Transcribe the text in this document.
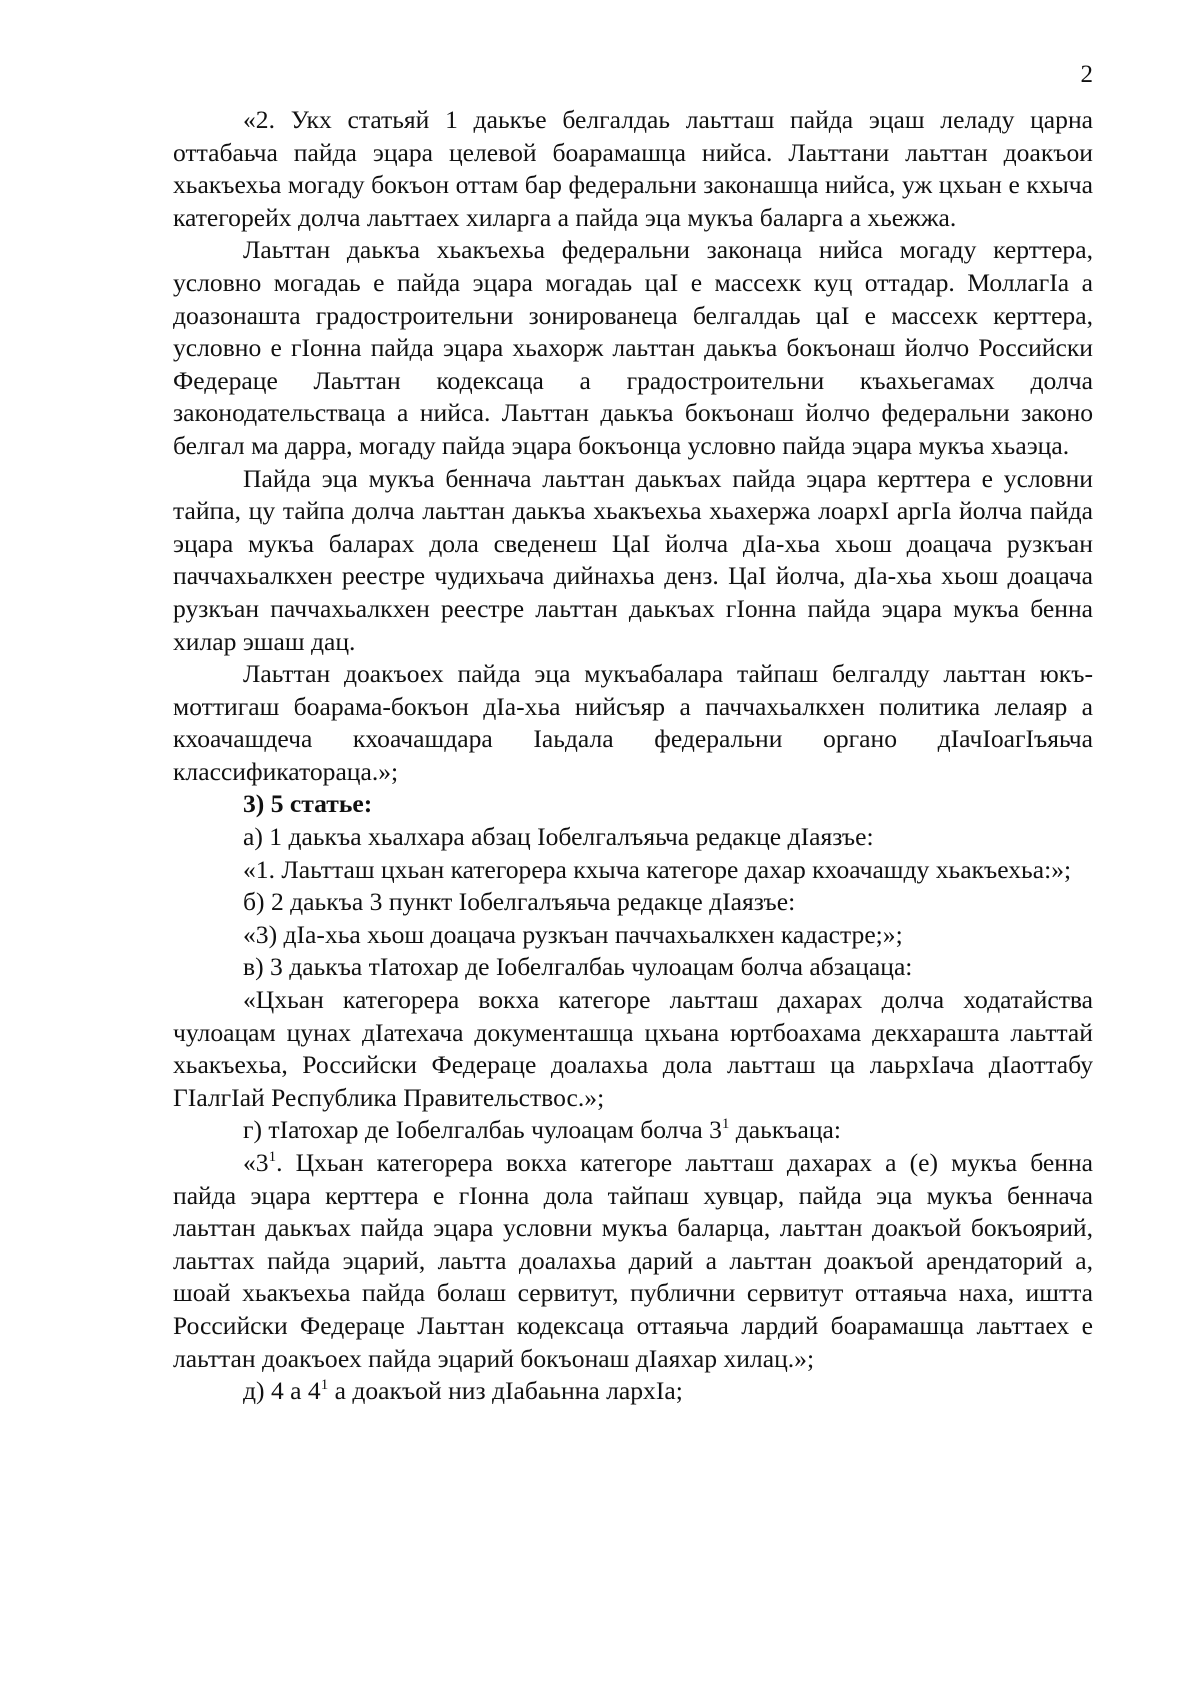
2

«2. Укх статьяй 1 даькъе белгалдаь лаьтташ пайда эцаш леладу царна оттабаьча пайда эцара целевой боарамашца нийса. Лаьттани лаьттан доакъои хьакъехьа могаду бокъон оттам бар федеральни законашца нийса, уж цхьан е кхыча категорейх долча лаьттаех хиларга а пайда эца мукъа баларга а хьежжа.

Лаьттан даькъа хьакъехьа федеральни законаца нийса могаду керттера, условно могадаь е пайда эцара могадаь цаI е массехк куц оттадар. МоллагIа а доазонашта градостроительни зонированеца белгалдаь цаI е массехк керттера, условно е гIонна пайда эцара хьахорж лаьттан даькъа бокъонаш йолчо Российски Федераце Лаьттан кодексаца а градостроительни къахьегамах долча законодательстваца а нийса. Лаьттан даькъа бокъонаш йолчо федеральни законо белгал ма дарра, могаду пайда эцара бокъонца условно пайда эцара мукъа хьаэца.

Пайда эца мукъа беннача лаьттан даькъах пайда эцара керттера е условни тайпа, цу тайпа долча лаьттан даькъа хьакъехьа хьахержа лоархI аргIа йолча пайда эцара мукъа баларах дола сведенеш ЦаI йолча дIа-хьа хьош доацача рузкъан паччахьалкхен реестре чудихьача дийнахьа денз. ЦаI йолча, дIа-хьа хьош доацача рузкъан паччахьалкхен реестре лаьттан даькъах гIонна пайда эцара мукъа бенна хилар эшаш дац.

Лаьттан доакъоех пайда эца мукъабалара тайпаш белгалду лаьттан юкъ-моттигаш боарама-бокъон дIа-хьа нийсъяр а паччахьалкхен политика лелаяр а кхоачашдеча кхоачашдара Iаьдала федеральни органо дIачIоагIъяьча классификатораца.»;

3) 5 статье:

а) 1 даькъа хьалхара абзац Iобелгалъяьча редакце дIаязъе:

«1. Лаьтташ цхьан категорера кхыча категоре дахар кхоачашду хьакъехьа:»;

б) 2 даькъа 3 пункт Iобелгалъяьча редакце дIаязъе:

«3) дIа-хьа хьош доацача рузкъан паччахьалкхен кадастре;»;

в) 3 даькъа тIатохар де Iобелгалбаь чулоацам болча абзацаца:

«Цхьан категорера вокха категоре лаьтташ дахарах долча ходатайства чулоацам цунах дIатехача документашца цхьана юртбоахама декхарашта лаьттай хьакъехьа, Российски Федераце доалахьа дола лаьтташ ца лаьрхIача дIаоттабу ГIалгIай Республика Правительствос.»;

г) тIатохар де Iобелгалбаь чулоацам болча $3^1$ даькъаца:

«$3^1$. Цхьан категорера вокха категоре лаьтташ дахарах а (е) мукъа бенна пайда эцара керттера е гIонна дола тайпаш хувцар, пайда эца мукъа беннача лаьттан даькъах пайда эцара условни мукъа баларца, лаьттан доакъой бокъоярий, лаьттах пайда эцарий, лаьтта доалахьа дарий а лаьттан доакъой арендаторий а, шоай хьакъехьа пайда болаш сервитут, публични сервитут оттаяьча наха, иштта Российски Федераце Лаьттан кодексаца оттаяьча лардий боарамашца лаьттаех е лаьттан доакъоех пайда эцарий бокъонаш дIаяхар хилац.»;

д) 4 а $4^1$ а доакъой низ дIабаьнна лархIа;
